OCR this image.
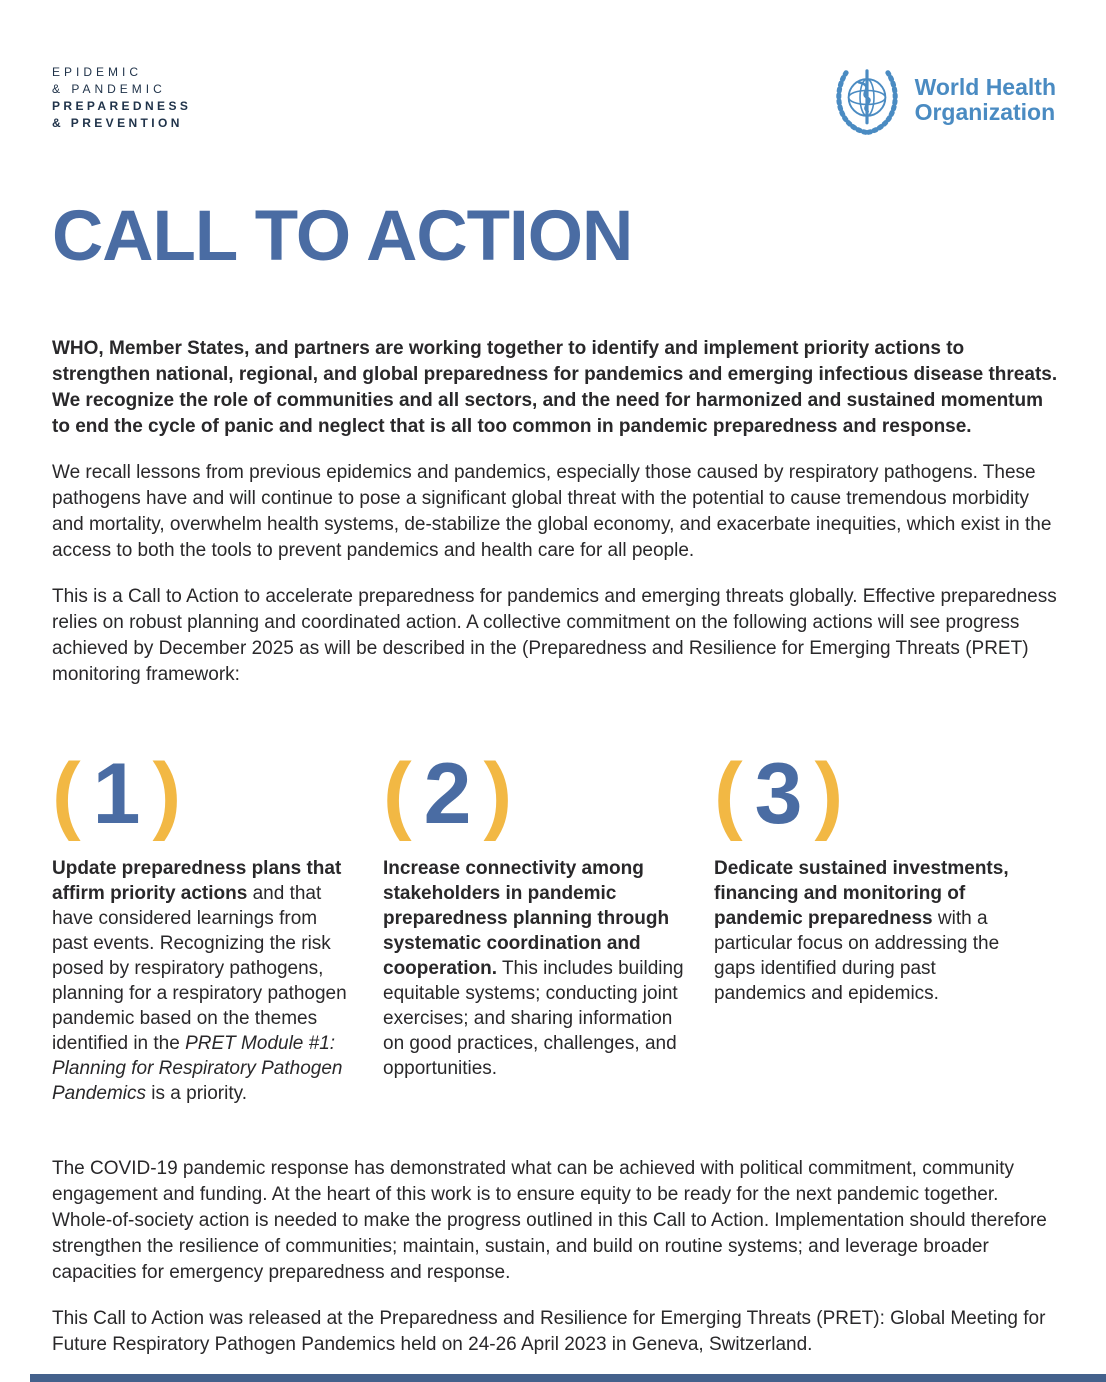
EPIDEMIC
& PANDEMIC
PREPAREDNESS
& PREVENTION
World Health
Organization
CALL TO ACTION

WHO, Member States, and partners are working together to identify and implement priority actions to strengthen national, regional, and global preparedness for pandemics and emerging infectious disease threats. We recognize the role of communities and all sectors, and the need for harmonized and sustained momentum to end the cycle of panic and neglect that is all too common in pandemic preparedness and response.

We recall lessons from previous epidemics and pandemics, especially those caused by respiratory pathogens. These pathogens have and will continue to pose a significant global threat with the potential to cause tremendous morbidity and mortality, overwhelm health systems, de-stabilize the global economy, and exacerbate inequities, which exist in the access to both the tools to prevent pandemics and health care for all people.

This is a Call to Action to accelerate preparedness for pandemics and emerging threats globally. Effective preparedness relies on robust planning and coordinated action. A collective commitment on the following actions will see progress achieved by December 2025 as will be described in the (Preparedness and Resilience for Emerging Threats (PRET) monitoring framework:

( 1 )

Update preparedness plans that affirm priority actions and that have considered learnings from past events. Recognizing the risk posed by respiratory pathogens, planning for a respiratory pathogen pandemic based on the themes identified in the PRET Module #1: Planning for Respiratory Pathogen Pandemics is a priority.

( 2 )

Increase connectivity among stakeholders in pandemic preparedness planning through systematic coordination and cooperation. This includes building equitable systems; conducting joint exercises; and sharing information on good practices, challenges, and opportunities.

( 3 )

Dedicate sustained investments, financing and monitoring of pandemic preparedness with a particular focus on addressing the gaps identified during past pandemics and epidemics.

The COVID-19 pandemic response has demonstrated what can be achieved with political commitment, community engagement and funding. At the heart of this work is to ensure equity to be ready for the next pandemic together. Whole-of-society action is needed to make the progress outlined in this Call to Action. Implementation should therefore strengthen the resilience of communities; maintain, sustain, and build on routine systems; and leverage broader capacities for emergency preparedness and response.

This Call to Action was released at the Preparedness and Resilience for Emerging Threats (PRET): Global Meeting for Future Respiratory Pathogen Pandemics held on 24-26 April 2023 in Geneva, Switzerland.
